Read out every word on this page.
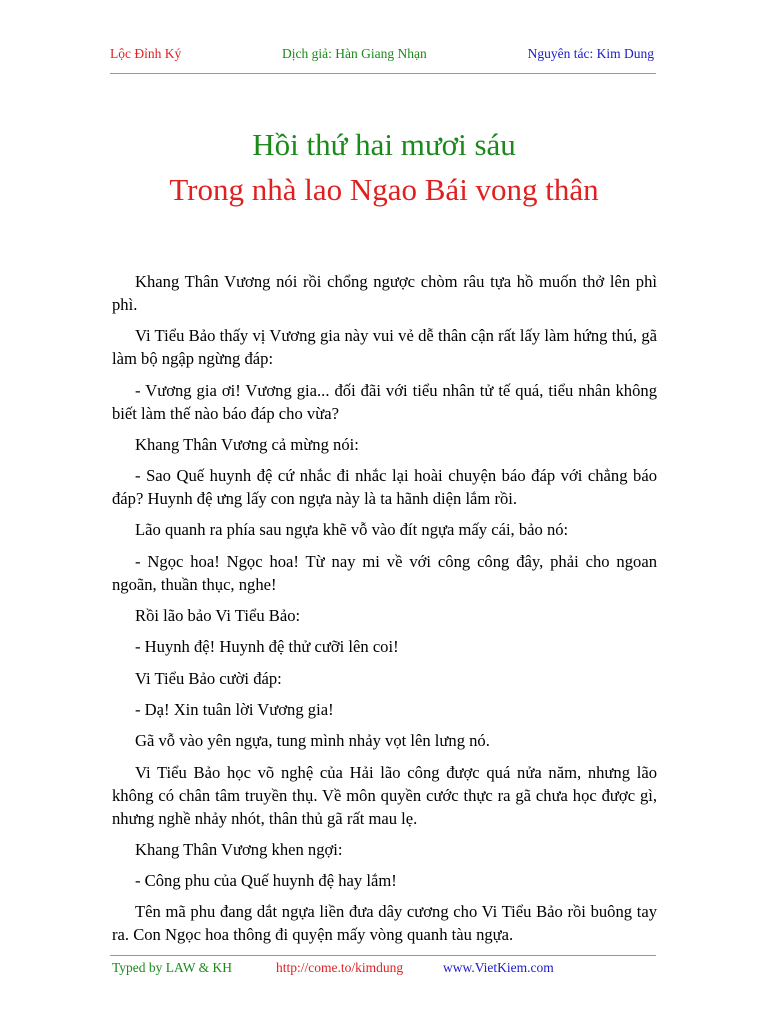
Lộc Đỉnh Ký	Dịch giả: Hàn Giang Nhạn	Nguyên tác: Kim Dung
Hồi thứ hai mươi sáu
Trong nhà lao Ngao Bái vong thân

Khang Thân Vương nói rồi chổng ngược chòm râu tựa hồ muốn thở lên phì phì.

Vi Tiểu Bảo thấy vị Vương gia này vui vẻ dễ thân cận rất lấy làm hứng thú, gã làm bộ ngập ngừng đáp:

- Vương gia ơi! Vương gia... đối đãi với tiểu nhân tử tế quá, tiểu nhân không biết làm thế nào báo đáp cho vừa?

Khang Thân Vương cả mừng nói:

- Sao Quế huynh đệ cứ nhắc đi nhắc lại hoài chuyện báo đáp với chẳng báo đáp? Huynh đệ ưng lấy con ngựa này là ta hãnh diện lắm rồi.

Lão quanh ra phía sau ngựa khẽ vỗ vào đít ngựa mấy cái, bảo nó:

- Ngọc hoa! Ngọc hoa! Từ nay mi về với công công đây, phải cho ngoan ngoãn, thuần thục, nghe!

Rồi lão bảo Vi Tiểu Bảo:

- Huynh đệ! Huynh đệ thử cưỡi lên coi!

Vi Tiểu Bảo cười đáp:

- Dạ! Xin tuân lời Vương gia!

Gã vỗ vào yên ngựa, tung mình nhảy vọt lên lưng nó.

Vi Tiểu Bảo học võ nghệ của Hải lão công được quá nửa năm, nhưng lão không có chân tâm truyền thụ. Về môn quyền cước thực ra gã chưa học được gì, nhưng nghề nhảy nhót, thân thủ gã rất mau lẹ.

Khang Thân Vương khen ngợi:

- Công phu của Quế huynh đệ hay lắm!

Tên mã phu đang dắt ngựa liền đưa dây cương cho Vi Tiểu Bảo rồi buông tay ra. Con Ngọc hoa thông đi quyện mấy vòng quanh tàu ngựa.

Typed by LAW & KH	http://come.to/kimdung	www.VietKiem.com
